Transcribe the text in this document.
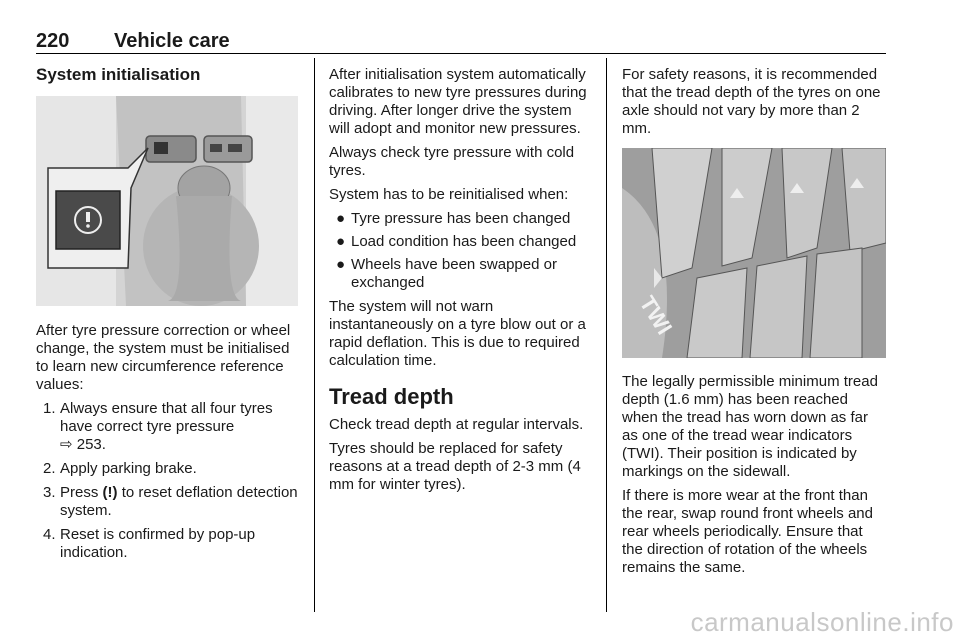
220 Vehicle care
System initialisation

After tyre pressure correction or wheel change, the system must be initialised to learn new circumference reference values:

1. Always ensure that all four tyres have correct tyre pressure
⇨ 253.
2. Apply parking brake.
3. Press (!) to reset deflation detection system.
4. Reset is confirmed by pop-up indication.

After initialisation system automatically calibrates to new tyre pressures during driving. After longer drive the system will adopt and monitor new pressures.

Always check tyre pressure with cold tyres.

System has to be reinitialised when:

● Tyre pressure has been changed
● Load condition has been changed
● Wheels have been swapped or exchanged

The system will not warn instantaneously on a tyre blow out or a rapid deflation. This is due to required calculation time.

Tread depth

Check tread depth at regular intervals.

Tyres should be replaced for safety reasons at a tread depth of 2-3 mm (4 mm for winter tyres).

For safety reasons, it is recommended that the tread depth of the tyres on one axle should not vary by more than 2 mm.

TWI

The legally permissible minimum tread depth (1.6 mm) has been reached when the tread has worn down as far as one of the tread wear indicators (TWI). Their position is indicated by markings on the sidewall.

If there is more wear at the front than the rear, swap round front wheels and rear wheels periodically. Ensure that the direction of rotation of the wheels remains the same.

carmanualsonline.info
